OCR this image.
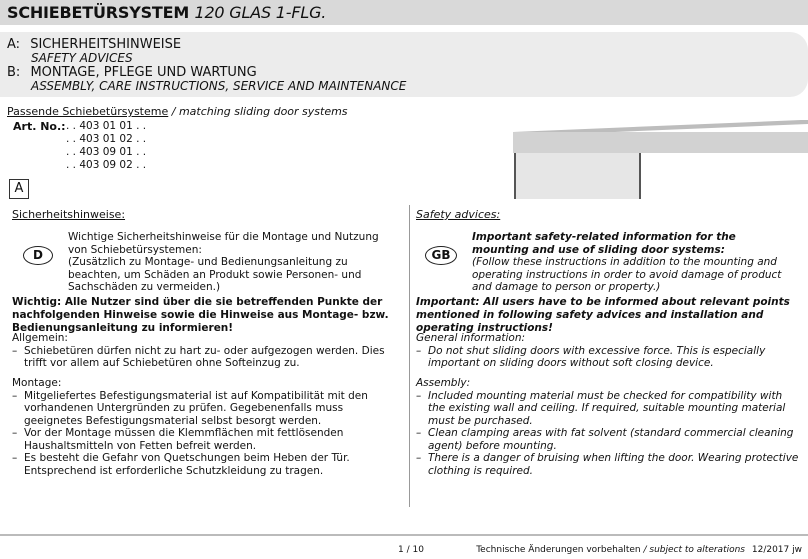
SCHIEBETÜRSYSTEM 120 GLAS 1-FLG.
A: SICHERHEITSHINWEISE
SAFETY ADVICES
B: MONTAGE, PFLEGE UND WARTUNG
ASSEMBLY, CARE INSTRUCTIONS, SERVICE AND MAINTENANCE
Passende Schiebetürsysteme / matching sliding door systems
Art. No.: . . 403 01 01 . .
. . 403 01 02 . .
. . 403 09 01 . .
. . 403 09 02 . .
A
Sicherheitshinweise:
D
Wichtige Sicherheitshinweise für die Montage und Nutzung von Schiebetürsystemen:
(Zusätzlich zu Montage- und Bedienungsanleitung zu beachten, um Schäden an Produkt sowie Personen- und Sachschäden zu vermeiden.)
Wichtig: Alle Nutzer sind über die sie betreffenden Punkte der nachfolgenden Hinweise sowie die Hinweise aus Montage- bzw. Bedienungsanleitung zu informieren!
Allgemein:
– Schiebetüren dürfen nicht zu hart zu- oder aufgezogen werden. Dies trifft vor allem auf Schiebetüren ohne Softeinzug zu.
Montage:
– Mitgeliefertes Befestigungsmaterial ist auf Kompatibilität mit den vorhandenen Untergründen zu prüfen. Gegebenenfalls muss geeignetes Befestigungsmaterial selbst besorgt werden.
– Vor der Montage müssen die Klemmflächen mit fettlösenden Haushaltsmitteln von Fetten befreit werden.
– Es besteht die Gefahr von Quetschungen beim Heben der Tür. Entsprechend ist erforderliche Schutzkleidung zu tragen.
Safety advices:
GB
Important safety-related information for the mounting and use of sliding door systems:
(Follow these instructions in addition to the mounting and operating instructions in order to avoid damage of product and damage to person or property.)
Important: All users have to be informed about relevant points mentioned in following safety advices and installation and operating instructions!
General information:
– Do not shut sliding doors with excessive force. This is especially important on sliding doors without soft closing device.
Assembly:
– Included mounting material must be checked for compatibility with the existing wall and ceiling. If required, suitable mounting material must be purchased.
– Clean clamping areas with fat solvent (standard commercial cleaning agent) before mounting.
– There is a danger of bruising when lifting the door. Wearing protective clothing is required.
1 / 10	Technische Änderungen vorbehalten / subject to alterations 12/2017 jw
